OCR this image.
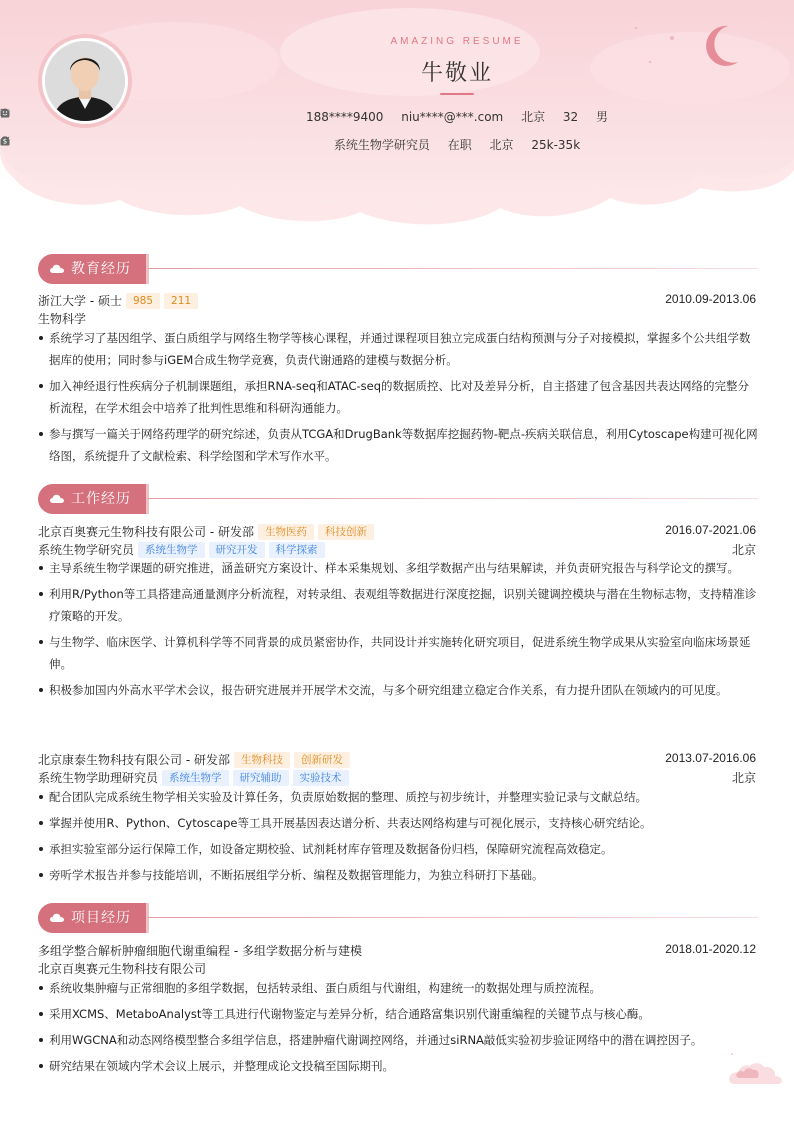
AMAZING RESUME
牛敬业
188****9400 niu****@***.com 北京 32 男
系统生物学研究员 在职 北京
$	25k-35k
教育经历
浙江大学 - 硕士 985 211	2010.09-2013.06
生物科学
系统学习了基因组学、蛋白质组学与网络生物学等核心课程，并通过课程项目独立完成蛋白结构预测与分子对接模拟，掌握多个公共组学数据库的使用；同时参与iGEM合成生物学竞赛，负责代谢通路的建模与数据分析。
加入神经退行性疾病分子机制课题组，承担RNA-seq和ATAC-seq的数据质控、比对及差异分析，自主搭建了包含基因共表达网络的完整分析流程，在学术组会中培养了批判性思维和科研沟通能力。
参与撰写一篇关于网络药理学的研究综述，负责从TCGA和DrugBank等数据库挖掘药物-靶点-疾病关联信息，利用Cytoscape构建可视化网络图，系统提升了文献检索、科学绘图和学术写作水平。
工作经历
北京百奥赛元生物科技有限公司 - 研发部 生物医药 科技创新	2016.07-2021.06
系统生物学研究员 系统生物学 研究开发 科学探索	北京
主导系统生物学课题的研究推进，涵盖研究方案设计、样本采集规划、多组学数据产出与结果解读，并负责研究报告与科学论文的撰写。
利用R/Python等工具搭建高通量测序分析流程，对转录组、表观组等数据进行深度挖掘，识别关键调控模块与潜在生物标志物，支持精准诊疗策略的开发。
与生物学、临床医学、计算机科学等不同背景的成员紧密协作，共同设计并实施转化研究项目，促进系统生物学成果从实验室向临床场景延伸。
积极参加国内外高水平学术会议，报告研究进展并开展学术交流，与多个研究组建立稳定合作关系，有力提升团队在领域内的可见度。
北京康泰生物科技有限公司 - 研发部 生物科技 创新研发	2013.07-2016.06
系统生物学助理研究员 系统生物学 研究辅助 实验技术	北京
配合团队完成系统生物学相关实验及计算任务，负责原始数据的整理、质控与初步统计，并整理实验记录与文献总结。
掌握并使用R、Python、Cytoscape等工具开展基因表达谱分析、共表达网络构建与可视化展示，支持核心研究结论。
承担实验室部分运行保障工作，如设备定期校验、试剂耗材库存管理及数据备份归档，保障研究流程高效稳定。
旁听学术报告并参与技能培训，不断拓展组学分析、编程及数据管理能力，为独立科研打下基础。
项目经历
多组学整合解析肿瘤细胞代谢重编程 - 多组学数据分析与建模	2018.01-2020.12
北京百奥赛元生物科技有限公司
系统收集肿瘤与正常细胞的多组学数据，包括转录组、蛋白质组与代谢组，构建统一的数据处理与质控流程。
采用XCMS、MetaboAnalyst等工具进行代谢物鉴定与差异分析，结合通路富集识别代谢重编程的关键节点与核心酶。
利用WGCNA和动态网络模型整合多组学信息，搭建肿瘤代谢调控网络，并通过siRNA敲低实验初步验证网络中的潜在调控因子。
研究结果在领域内学术会议上展示，并整理成论文投稿至国际期刊。
